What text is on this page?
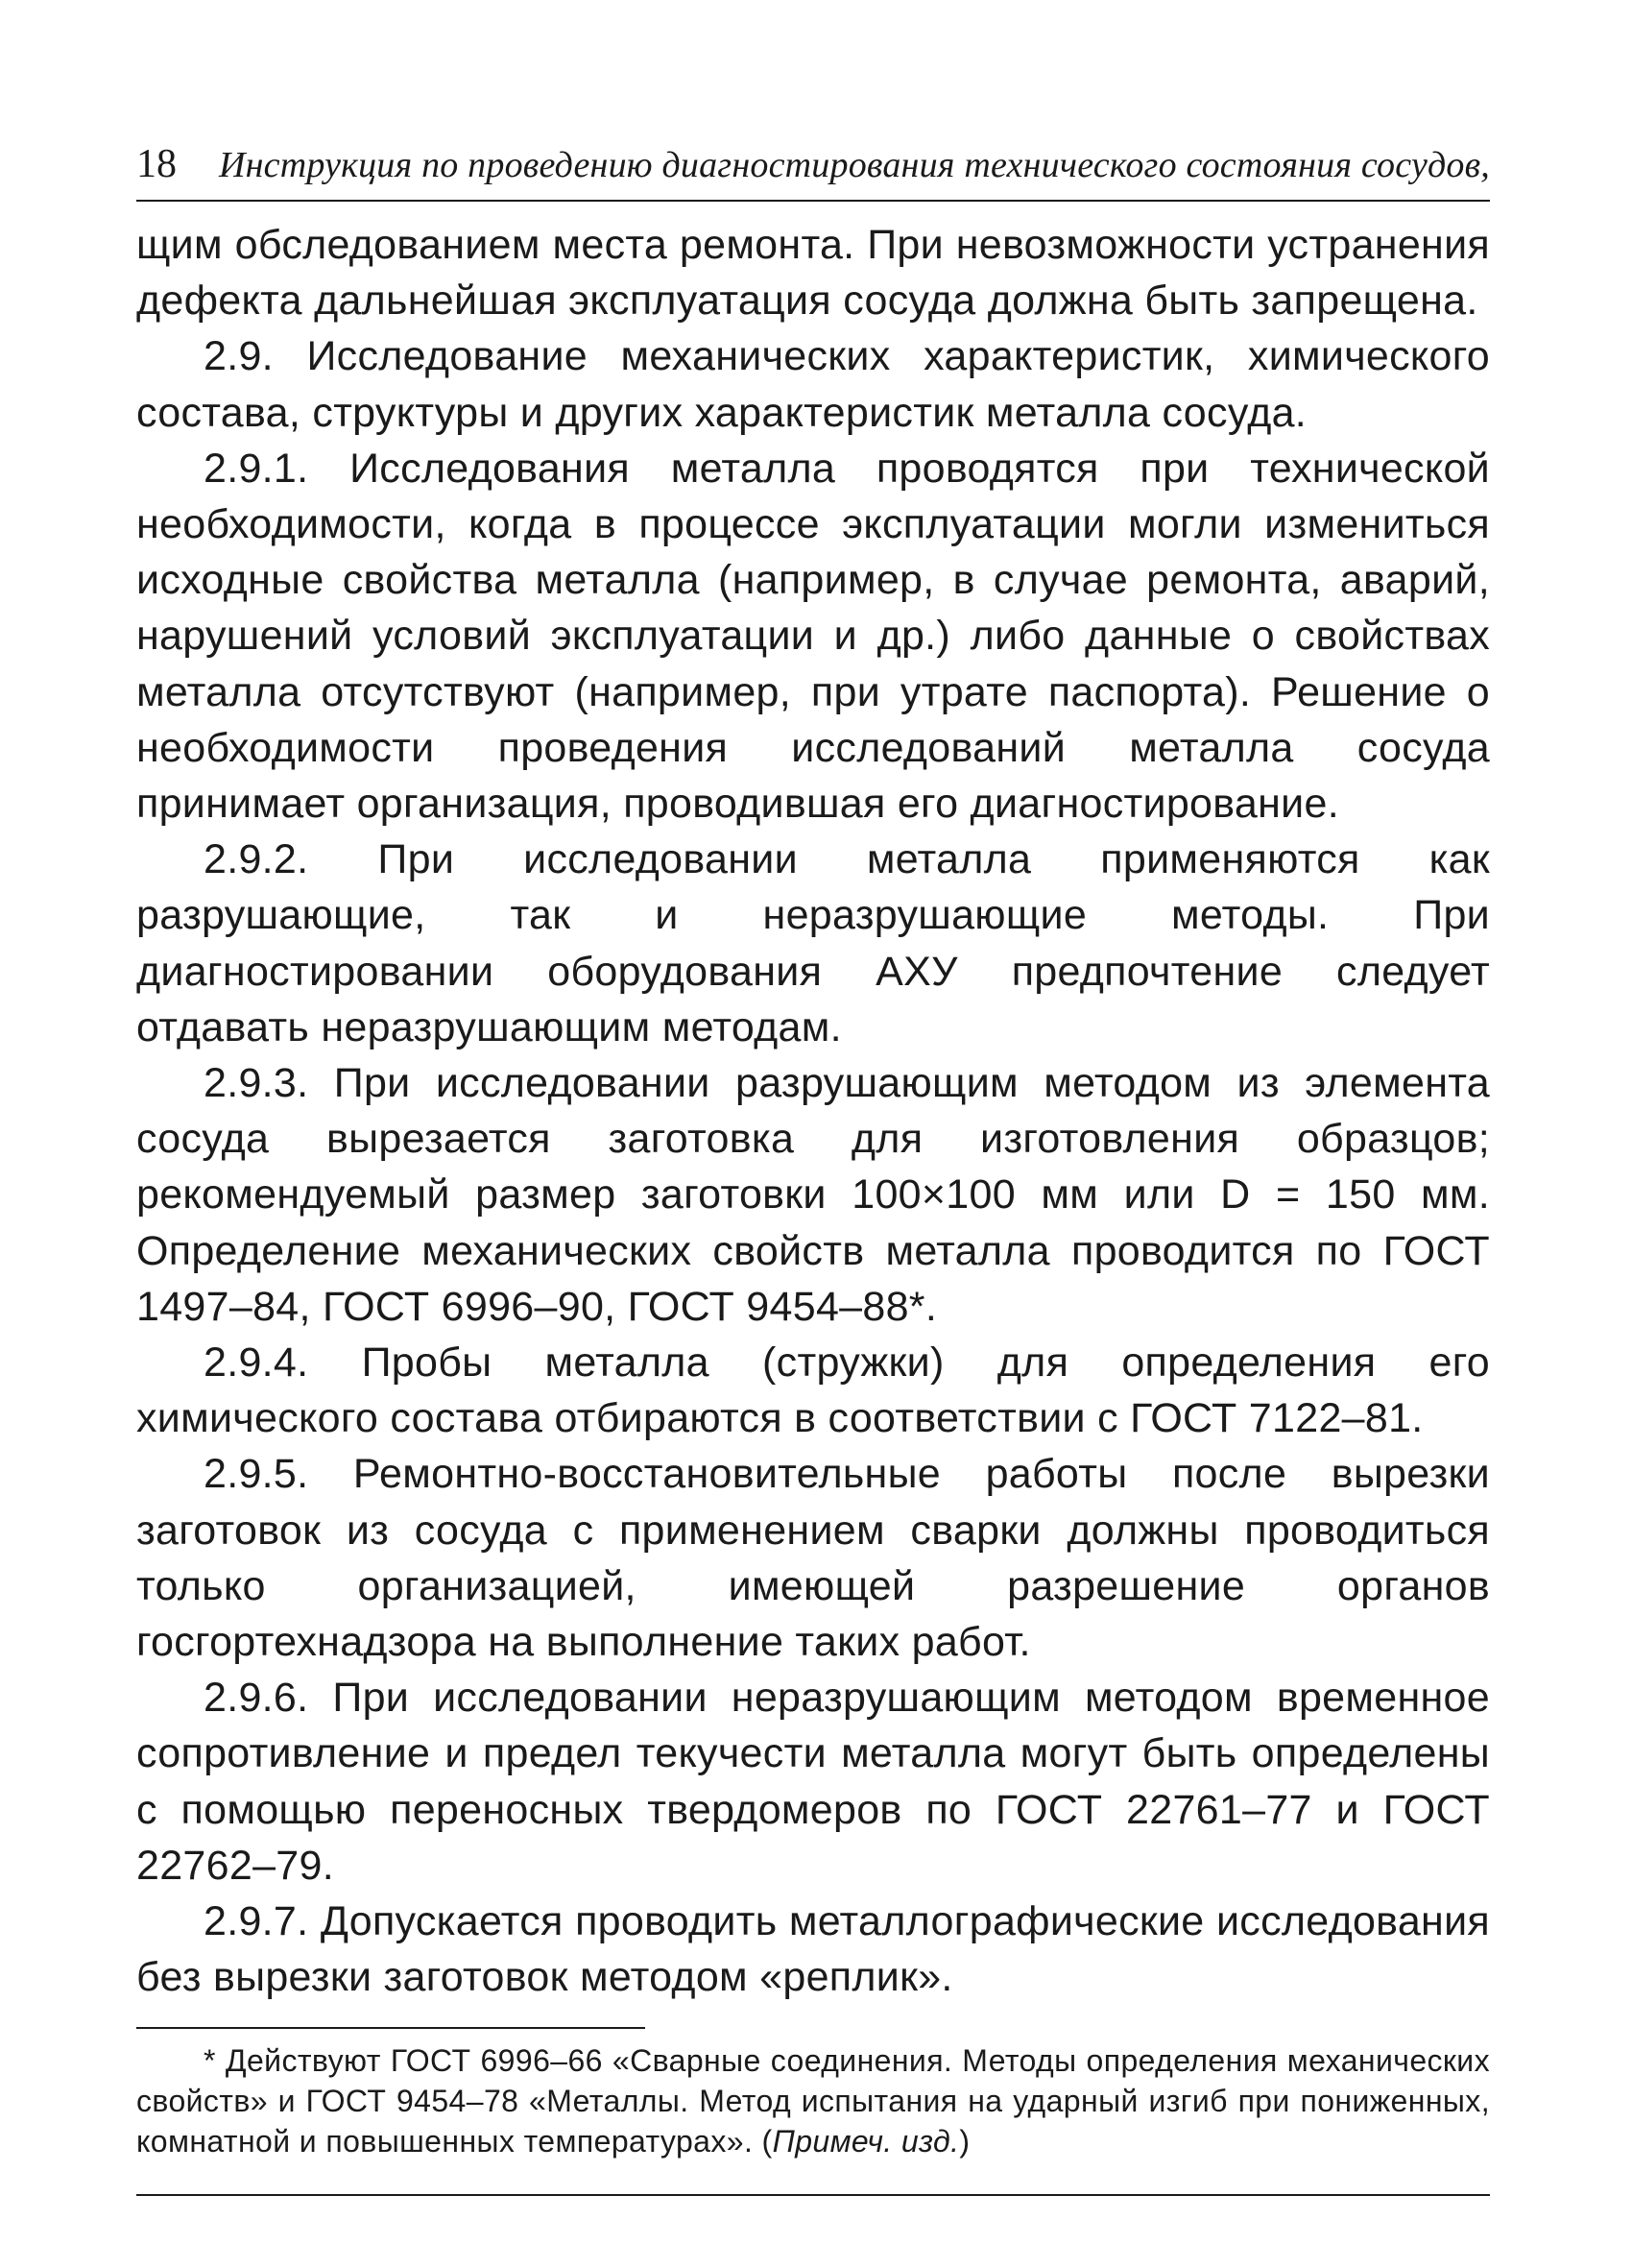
18 Инструкция по проведению диагностирования технического состояния сосудов,

щим обследованием места ремонта. При невозможности устранения дефекта дальнейшая эксплуатация сосуда должна быть запрещена.

2.9. Исследование механических характеристик, химического состава, структуры и других характеристик металла сосуда.

2.9.1. Исследования металла проводятся при технической необходимости, когда в процессе эксплуатации могли измениться исходные свойства металла (например, в случае ремонта, аварий, нарушений условий эксплуатации и др.) либо данные о свойствах металла отсутствуют (например, при утрате паспорта). Решение о необходимости проведения исследований металла сосуда принимает организация, проводившая его диагностирование.

2.9.2. При исследовании металла применяются как разрушающие, так и неразрушающие методы. При диагностировании оборудования АХУ предпочтение следует отдавать неразрушающим методам.

2.9.3. При исследовании разрушающим методом из элемента сосуда вырезается заготовка для изготовления образцов; рекомендуемый размер заготовки 100×100 мм или D = 150 мм. Определение механических свойств металла проводится по ГОСТ 1497–84, ГОСТ 6996–90, ГОСТ 9454–88*.

2.9.4. Пробы металла (стружки) для определения его химического состава отбираются в соответствии с ГОСТ 7122–81.

2.9.5. Ремонтно-восстановительные работы после вырезки заготовок из сосуда с применением сварки должны проводиться только организацией, имеющей разрешение органов госгортехнадзора на выполнение таких работ.

2.9.6. При исследовании неразрушающим методом временное сопротивление и предел текучести металла могут быть определены с помощью переносных твердомеров по ГОСТ 22761–77 и ГОСТ 22762–79.

2.9.7. Допускается проводить металлографические исследования без вырезки заготовок методом «реплик».

* Действуют ГОСТ 6996–66 «Сварные соединения. Методы определения механических свойств» и ГОСТ 9454–78 «Металлы. Метод испытания на ударный изгиб при пониженных, комнатной и повышенных температурах». (Примеч. изд.)
